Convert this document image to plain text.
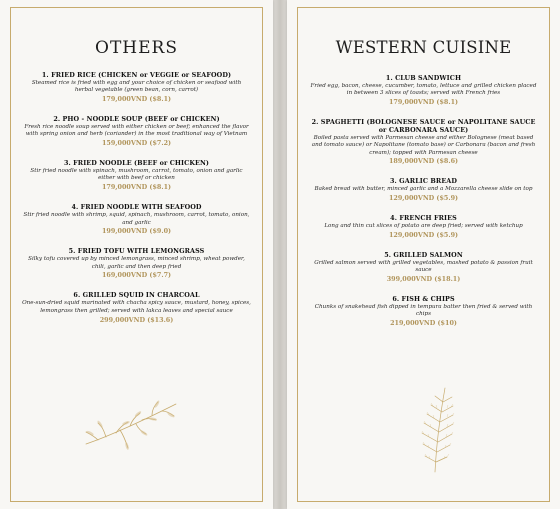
OTHERS
1. FRIED RICE (CHICKEN or VEGGIE or SEAFOOD)
Steamed rice is fried with egg and your choice of chicken or seafood with herbal vegetable (green bean, corn, carrot)
179,000VND ($8.1)
2. PHO - NOODLE SOUP (BEEF or CHICKEN)
Fresh rice noodle soup served with either chicken or beef; enhanced the flavor with spring onion and herb (coriander) in the most traditional way of Vietnam
159,000VND ($7.2)
3. FRIED NOODLE (BEEF or CHICKEN)
Stir fried noodle with spinach, mushroom, carrot, tomato, onion and garlic either with beef or chicken
179,000VND ($8.1)
4. FRIED NOODLE WITH SEAFOOD
Stir fried noodle with shrimp, squid, spinach, mushroom, carrot, tomato, onion, and garlic
199,000VND ($9.0)
5. FRIED TOFU WITH LEMONGRASS
Silky tofu covered up by minced lemongrass, minced shrimp, wheat powder, chili, garlic and then deep fried
169,000VND ($7.7)
6. GRILLED SQUID IN CHARCOAL
One-sun-dried squid marinated with chacha spicy sauce, mustard, honey, spices, lemongrass then grilled; served with lakca leaves and special sauce
299,000VND ($13.6)
WESTERN CUISINE
1. CLUB SANDWICH
Fried egg, bacon, cheese, cucumber, tomato, lettuce and grilled chicken placed in between 3 slices of toasts; served with French fries
179,000VND ($8.1)
2. SPAGHETTI (BOLOGNESE SAUCE or NAPOLITANE SAUCE or CARBONARA SAUCE)
Boiled pasta served with Parmesan cheese and either Bolognese (meat based and tomato sauce) or Napolitane (tomato base) or Carbonara (bacon and fresh cream); topped with Parmesan cheese
189,000VND ($8.6)
3. GARLIC BREAD
Baked bread with butter, minced garlic and a Mozzarella cheese slide on top
129,000VND ($5.9)
4. FRENCH FRIES
Long and thin cut slices of potato are deep fried; served with ketchup
129,000VND ($5.9)
5. GRILLED SALMON
Grilled salmon served with grilled vegetables, mashed potato & passion fruit sauce
399,000VND ($18.1)
6. FISH & CHIPS
Chunks of snakehead fish dipped in tempura batter then fried & served with chips
219,000VND ($10)
